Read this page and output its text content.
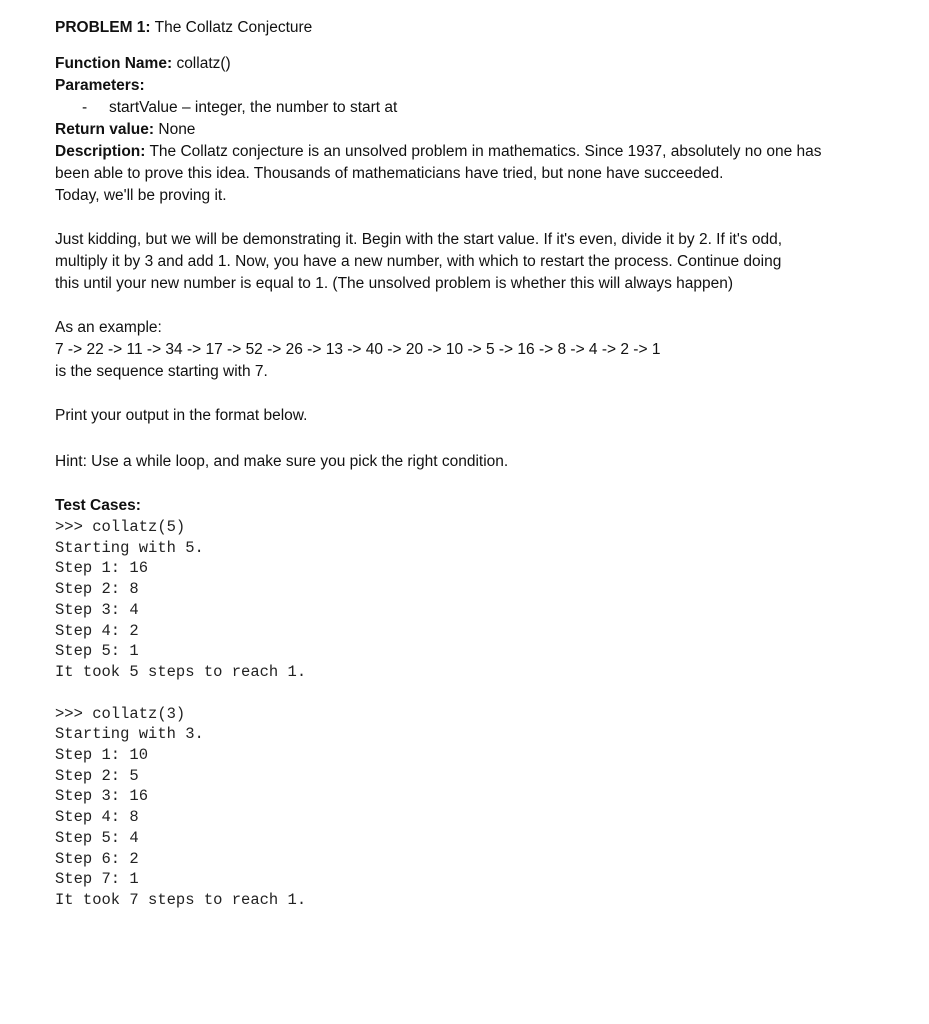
PROBLEM 1: The Collatz Conjecture
Function Name: collatz()
Parameters:
- startValue – integer, the number to start at
Return value: None
Description: The Collatz conjecture is an unsolved problem in mathematics. Since 1937, absolutely no one has
been able to prove this idea. Thousands of mathematicians have tried, but none have succeeded.
Today, we'll be proving it.
Just kidding, but we will be demonstrating it. Begin with the start value. If it's even, divide it by 2. If it's odd,
multiply it by 3 and add 1. Now, you have a new number, with which to restart the process. Continue doing
this until your new number is equal to 1. (The unsolved problem is whether this will always happen)
As an example:
7 -> 22 -> 11 -> 34 -> 17 -> 52 -> 26 -> 13 -> 40 -> 20 -> 10 -> 5 -> 16 -> 8 -> 4 -> 2 -> 1
is the sequence starting with 7.
Print your output in the format below.
Hint: Use a while loop, and make sure you pick the right condition.
Test Cases:
>>> collatz(5)
Starting with 5.
Step 1: 16
Step 2: 8
Step 3: 4
Step 4: 2
Step 5: 1
It took 5 steps to reach 1.
>>> collatz(3)
Starting with 3.
Step 1: 10
Step 2: 5
Step 3: 16
Step 4: 8
Step 5: 4
Step 6: 2
Step 7: 1
It took 7 steps to reach 1.
